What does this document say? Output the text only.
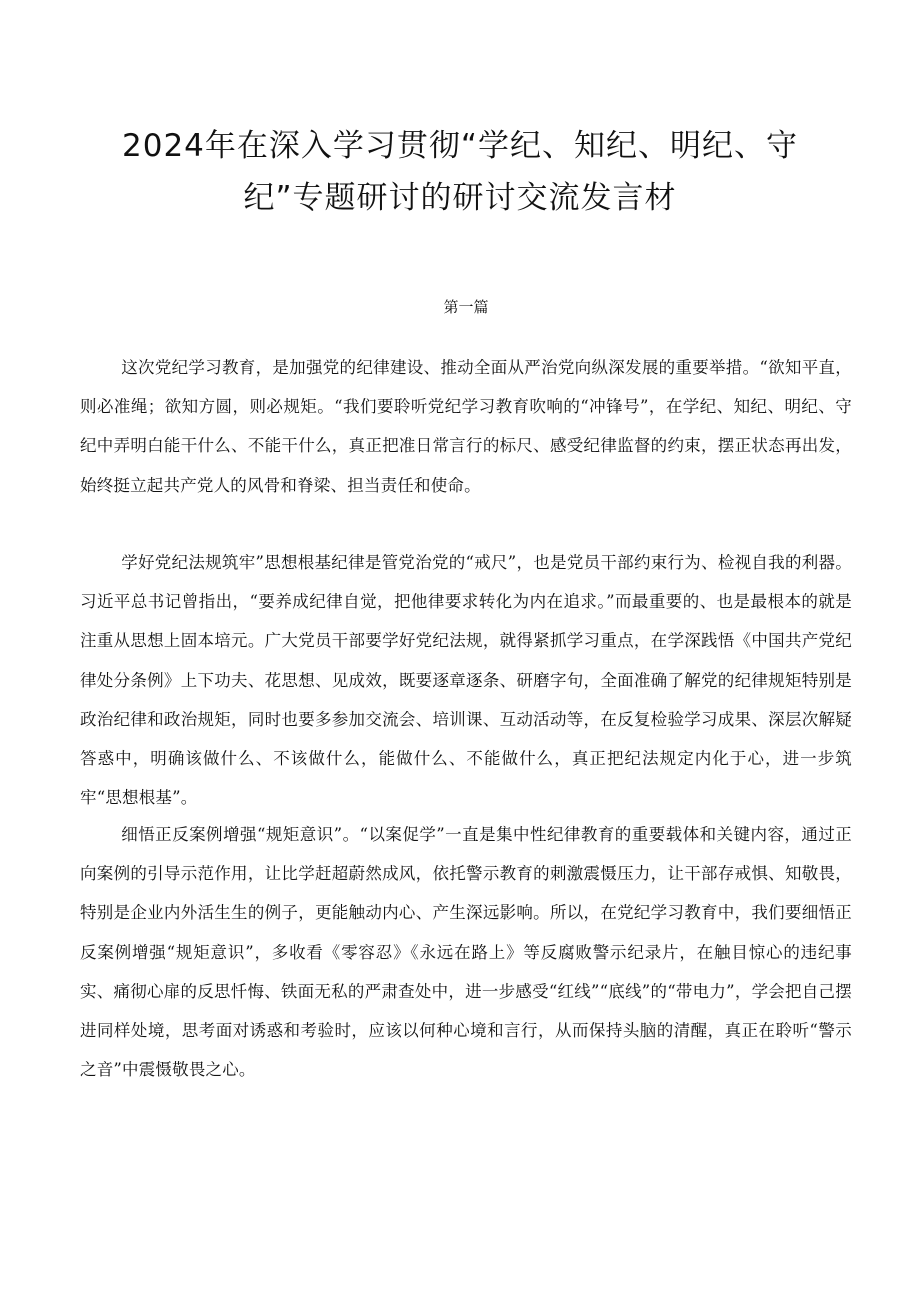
2024年在深入学习贯彻“学纪、知纪、明纪、守纪”专题研讨的研讨交流发言材
第一篇

这次党纪学习教育，是加强党的纪律建设、推动全面从严治党向纵深发展的重要举措。“欲知平直，则必准绳；欲知方圆，则必规矩。“我们要聆听党纪学习教育吹响的“冲锋号”，在学纪、知纪、明纪、守纪中弄明白能干什么、不能干什么，真正把准日常言行的标尺、感受纪律监督的约束，摆正状态再出发，始终挺立起共产党人的风骨和脊梁、担当责任和使命。

学好党纪法规筑牢”思想根基纪律是管党治党的“戒尺”，也是党员干部约束行为、检视自我的利器。习近平总书记曾指出，“要养成纪律自觉，把他律要求转化为内在追求。”而最重要的、也是最根本的就是注重从思想上固本培元。广大党员干部要学好党纪法规，就得紧抓学习重点，在学深践悟《中国共产党纪律处分条例》上下功夫、花思想、见成效，既要逐章逐条、研磨字句，全面准确了解党的纪律规矩特别是政治纪律和政治规矩，同时也要多参加交流会、培训课、互动活动等，在反复检验学习成果、深层次解疑答惑中，明确该做什么、不该做什么，能做什么、不能做什么，真正把纪法规定内化于心，进一步筑牢“思想根基”。

细悟正反案例增强“规矩意识”。“以案促学”一直是集中性纪律教育的重要载体和关键内容，通过正向案例的引导示范作用，让比学赶超蔚然成风，依托警示教育的刺激震慑压力，让干部存戒惧、知敬畏，特别是企业内外活生生的例子，更能触动内心、产生深远影响。所以，在党纪学习教育中，我们要细悟正反案例增强“规矩意识”，多收看《零容忍》《永远在路上》等反腐败警示纪录片，在触目惊心的违纪事实、痛彻心扉的反思忏悔、铁面无私的严肃查处中，进一步感受“红线”“底线”的“带电力”，学会把自己摆进同样处境，思考面对诱惑和考验时，应该以何种心境和言行，从而保持头脑的清醒，真正在聆听“警示之音”中震慑敬畏之心。
